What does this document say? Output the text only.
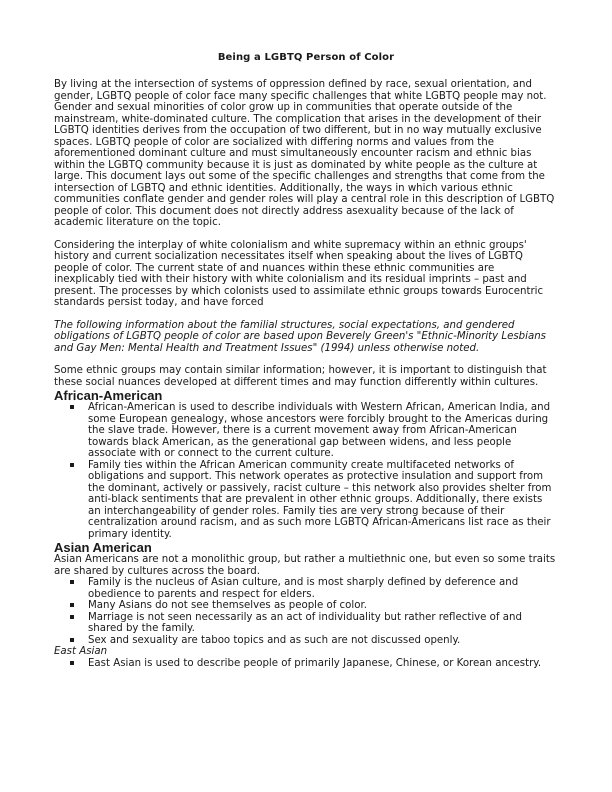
Being a LGBTQ Person of Color

By living at the intersection of systems of oppression defined by race, sexual orientation, and gender, LGBTQ people of color face many specific challenges that white LGBTQ people may not. Gender and sexual minorities of color grow up in communities that operate outside of the mainstream, white-dominated culture. The complication that arises in the development of their LGBTQ identities derives from the occupation of two different, but in no way mutually exclusive spaces. LGBTQ people of color are socialized with differing norms and values from the aforementioned dominant culture and must simultaneously encounter racism and ethnic bias within the LGBTQ community because it is just as dominated by white people as the culture at large. This document lays out some of the specific challenges and strengths that come from the intersection of LGBTQ and ethnic identities. Additionally, the ways in which various ethnic communities conflate gender and gender roles will play a central role in this description of LGBTQ people of color. This document does not directly address asexuality because of the lack of academic literature on the topic.

Considering the interplay of white colonialism and white supremacy within an ethnic groups' history and current socialization necessitates itself when speaking about the lives of LGBTQ people of color. The current state of and nuances within these ethnic communities are inexplicably tied with their history with white colonialism and its residual imprints – past and present. The processes by which colonists used to assimilate ethnic groups towards Eurocentric standards persist today, and have forced

The following information about the familial structures, social expectations, and gendered obligations of LGBTQ people of color are based upon Beverely Green's "Ethnic-Minority Lesbians and Gay Men: Mental Health and Treatment Issues" (1994) unless otherwise noted.

Some ethnic groups may contain similar information; however, it is important to distinguish that these social nuances developed at different times and may function differently within cultures.

African-American
African-American is used to describe individuals with Western African, American India, and some European genealogy, whose ancestors were forcibly brought to the Americas during the slave trade. However, there is a current movement away from African-American towards black American, as the generational gap between widens, and less people associate with or connect to the current culture.
Family ties within the African American community create multifaceted networks of obligations and support. This network operates as protective insulation and support from the dominant, actively or passively, racist culture – this network also provides shelter from anti-black sentiments that are prevalent in other ethnic groups. Additionally, there exists an interchangeability of gender roles. Family ties are very strong because of their centralization around racism, and as such more LGBTQ African-Americans list race as their primary identity.
Asian American

Asian Americans are not a monolithic group, but rather a multiethnic one, but even so some traits are shared by cultures across the board.

Family is the nucleus of Asian culture, and is most sharply defined by deference and obedience to parents and respect for elders.
Many Asians do not see themselves as people of color.
Marriage is not seen necessarily as an act of individuality but rather reflective of and shared by the family.
Sex and sexuality are taboo topics and as such are not discussed openly.
East Asian
East Asian is used to describe people of primarily Japanese, Chinese, or Korean ancestry.
